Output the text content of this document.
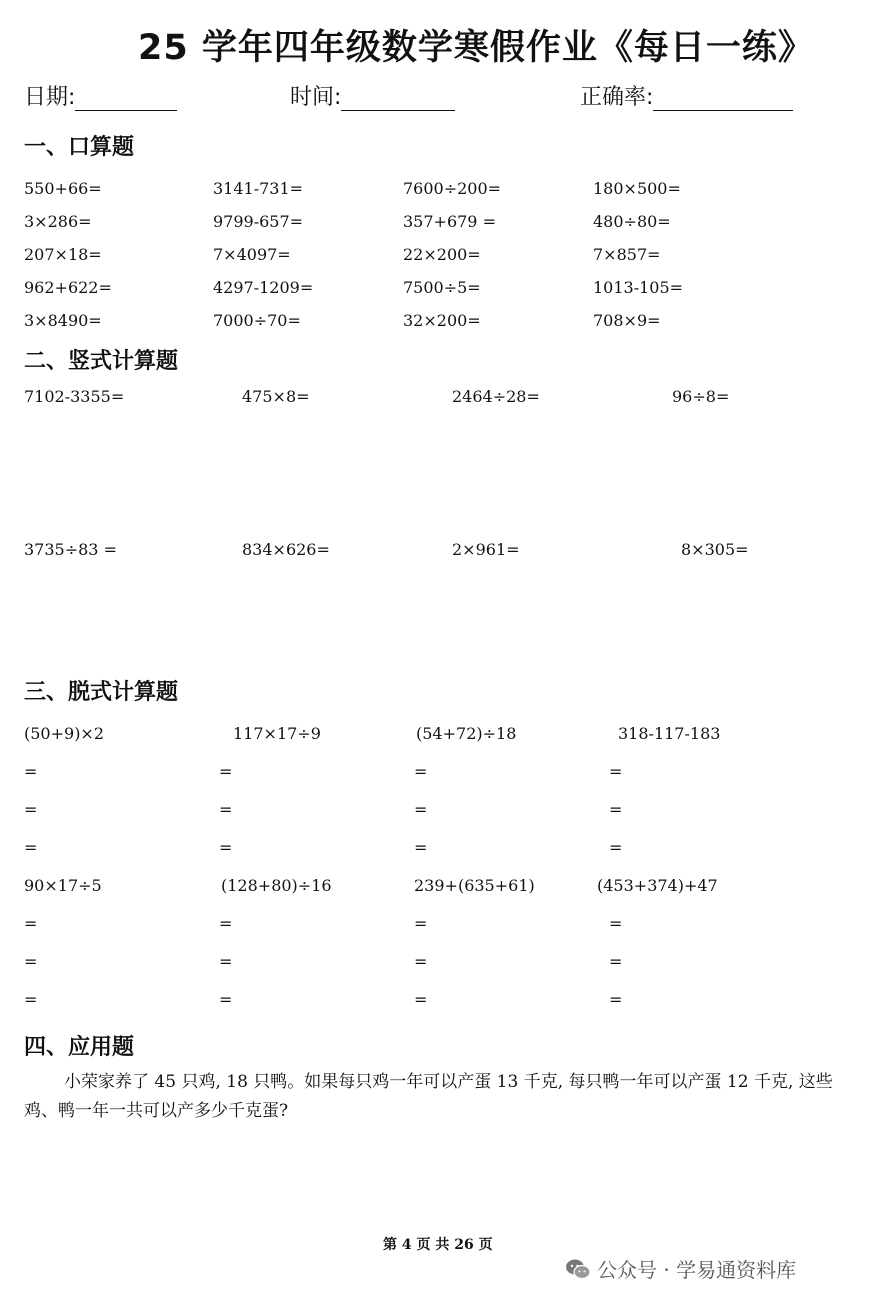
25 学年四年级数学寒假作业《每日一练》
日期:	时间:	正确率:
一、口算题
550+66=	3141-731=	7600÷200=	180×500=
3×286=	9799-657=	357+679 =	480÷80=
207×18=	7×4097=	22×200=	7×857=
962+622=	4297-1209=	7500÷5=	1013-105=
3×8490=	7000÷70=	32×200=	708×9=
二、竖式计算题
7102-3355=	475×8=	2464÷28=	96÷8=
3735÷83 =	834×626=	2×961=	8×305=
三、脱式计算题
(50+9)×2	117×17÷9	(54+72)÷18	318-117-183
=	=	=	=
=	=	=	=
=	=	=	=
90×17÷5	(128+80)÷16	239+(635+61)	(453+374)+47
=	=	=	=
=	=	=	=
=	=	=	=
四、应用题
小荣家养了 45 只鸡, 18 只鸭。如果每只鸡一年可以产蛋 13 千克, 每只鸭一年可以产蛋 12 千克, 这些鸡、鸭一年一共可以产多少千克蛋?
第 4 页 共 26 页
公众号 · 学易通资料库
